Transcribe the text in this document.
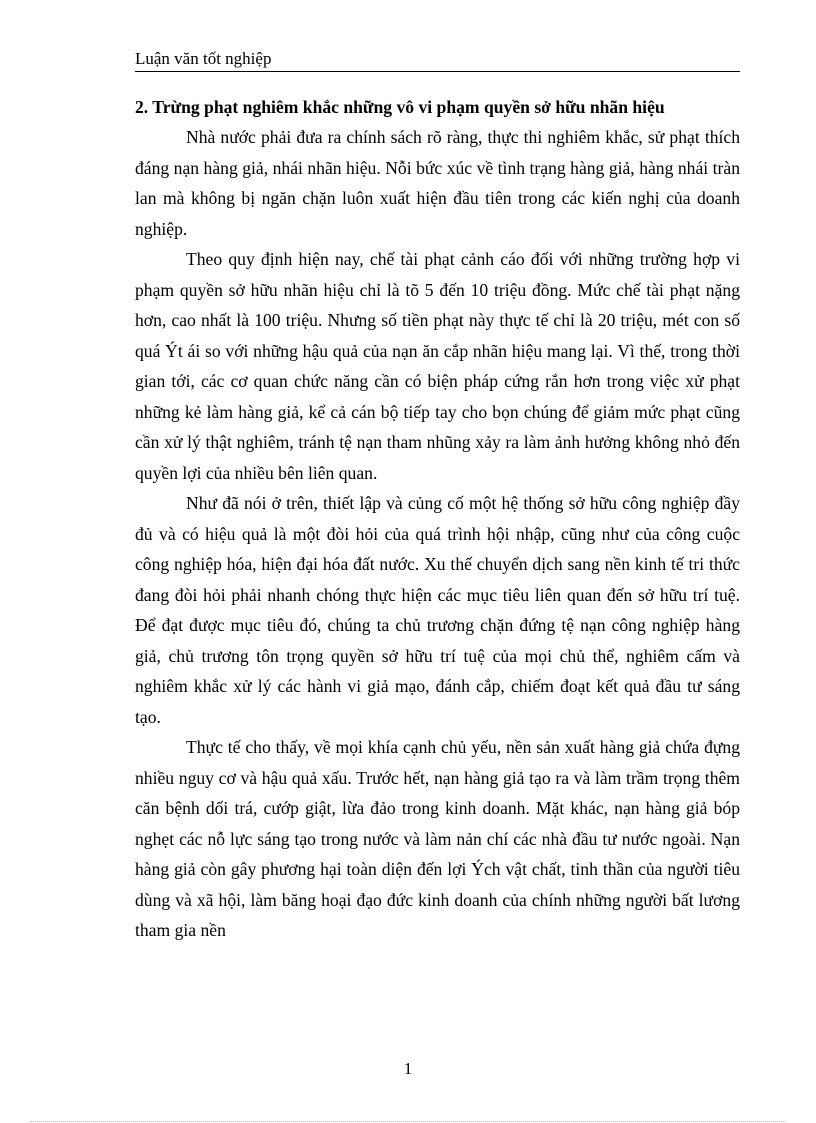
Luận văn tốt nghiệp

2. Trừng phạt nghiêm khắc những vô vi phạm quyền sở hữu nhãn hiệu

Nhà nước phải đưa ra chính sách rõ ràng, thực thi nghiêm khắc, sử phạt thích đáng nạn hàng giả, nhái nhãn hiệu. Nỗi bức xúc về tình trạng hàng giả, hàng nhái tràn lan mà không bị ngăn chặn luôn xuất hiện đầu tiên trong các kiến nghị của doanh nghiệp.

Theo quy định hiện nay, chế tài phạt cảnh cáo đối với những trường hợp vi phạm quyền sở hữu nhãn hiệu chỉ là tõ 5 đến 10 triệu đồng. Mức chế tài phạt nặng hơn, cao nhất là 100 triệu. Nhưng số tiền phạt này thực tế chỉ là 20 triệu, mét con số quá Ýt ái so với những hậu quả của nạn ăn cắp nhãn hiệu mang lại. Vì thế, trong thời gian tới, các cơ quan chức năng cần có biện pháp cứng rắn hơn trong việc xử phạt những kẻ làm hàng giả, kể cả cán bộ tiếp tay cho bọn chúng để giảm mức phạt cũng cần xử lý thật nghiêm, tránh tệ nạn tham nhũng xảy ra làm ảnh hưởng không nhỏ đến quyền lợi của nhiều bên liên quan.

Như đã nói ở trên, thiết lập và củng cố một hệ thống sở hữu công nghiệp đầy đủ và có hiệu quả là một đòi hỏi của quá trình hội nhập, cũng như của công cuộc công nghiệp hóa, hiện đại hóa đất nước. Xu thế chuyển dịch sang nền kinh tế tri thức đang đòi hỏi phải nhanh chóng thực hiện các mục tiêu liên quan đến sở hữu trí tuệ. Để đạt được mục tiêu đó, chúng ta chủ trương chặn đứng tệ nạn công nghiệp hàng giả, chủ trương tôn trọng quyền sở hữu trí tuệ của mọi chủ thể, nghiêm cấm và nghiêm khắc xử lý các hành vi giả mạo, đánh cắp, chiếm đoạt kết quả đầu tư sáng tạo.

Thực tế cho thấy, về mọi khía cạnh chủ yếu, nền sản xuất hàng giả chứa đựng nhiều nguy cơ và hậu quả xấu. Trước hết, nạn hàng giả tạo ra và làm trầm trọng thêm căn bệnh dối trá, cướp giật, lừa đảo trong kinh doanh. Mặt khác, nạn hàng giả bóp nghẹt các nỗ lực sáng tạo trong nước và làm nản chí các nhà đầu tư nước ngoài. Nạn hàng giả còn gây phương hại toàn diện đến lợi Ých vật chất, tinh thần của người tiêu dùng và xã hội, làm băng hoại đạo đức kinh doanh của chính những người bất lương tham gia nền

1
